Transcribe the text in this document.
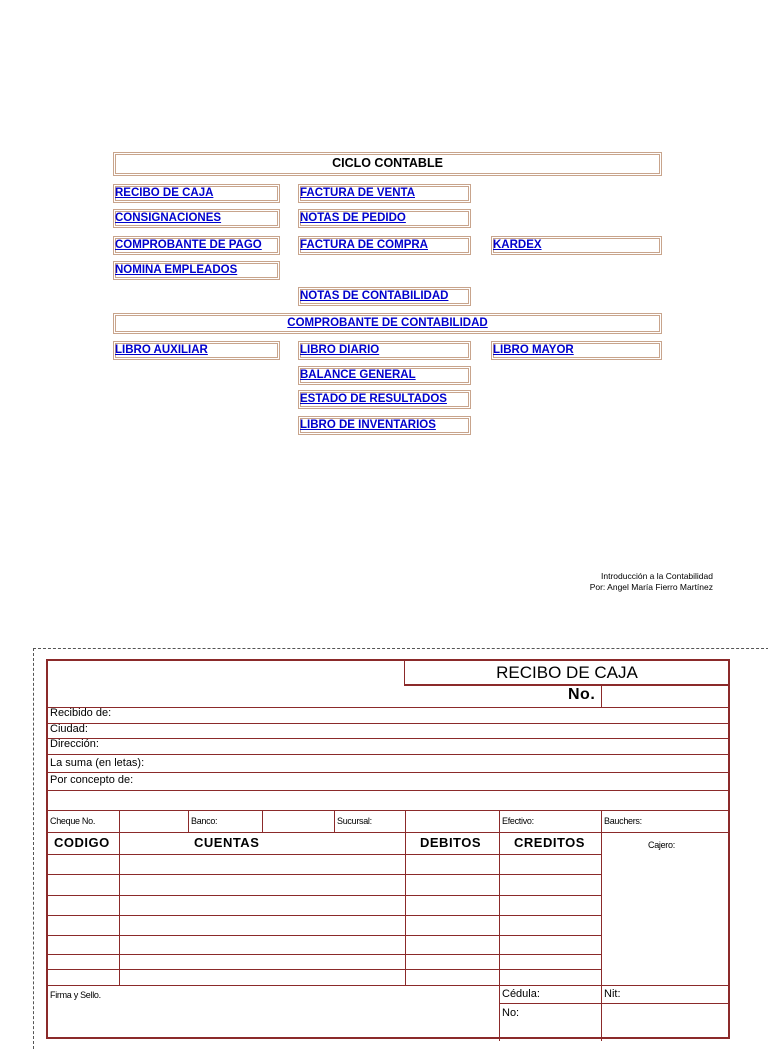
CICLO CONTABLE
RECIBO DE CAJA	FACTURA DE VENTA
CONSIGNACIONES	NOTAS DE PEDIDO
COMPROBANTE DE PAGO	FACTURA DE COMPRA	KARDEX
NOMINA EMPLEADOS
NOTAS DE CONTABILIDAD
COMPROBANTE DE CONTABILIDAD
LIBRO AUXILIAR	LIBRO DIARIO	LIBRO MAYOR
BALANCE GENERAL
ESTADO DE RESULTADOS
LIBRO DE INVENTARIOS
Introducción a la Contabilidad
Por: Angel María Fierro Martínez
RECIBO DE CAJA
No.
Recibido de:
Ciudad:
Dirección:
La suma (en letas):
Por concepto de:
Cheque No.	Banco:	Sucursal:	Efectivo:	Bauchers:
CODIGO	CUENTAS	DEBITOS	CREDITOS	Cajero:
Firma y Sello.	Cédula:	Nit:
No:
